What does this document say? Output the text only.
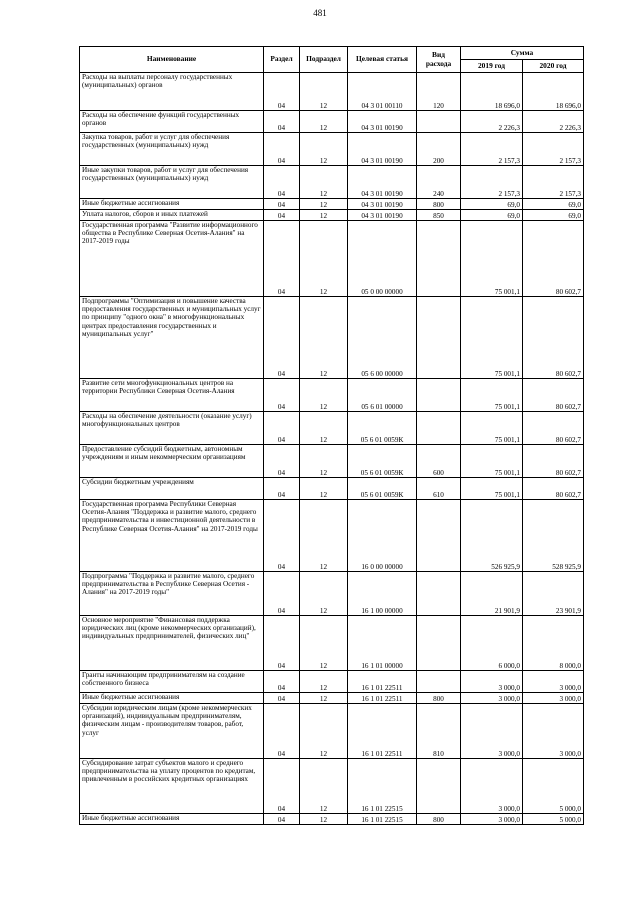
481
Наименование	Раздел	Подраздел	Целевая статья	Вид расхода	Сумма	
					2019 год	2020 год
Расходы на выплаты персоналу государственных (муниципальных) органов	04	12	04 3 01 00110	120	18 696,0	18 696,0
Расходы на обеспечение функций государственных органов	04	12	04 3 01 00190		2 226,3	2 226,3
Закупка товаров, работ и услуг для обеспечения государственных (муниципальных) нужд	04	12	04 3 01 00190	200	2 157,3	2 157,3
Иные закупки товаров, работ и услуг для обеспечения государственных (муниципальных) нужд	04	12	04 3 01 00190	240	2 157,3	2 157,3
Иные бюджетные ассигнования	04	12	04 3 01 00190	800	69,0	69,0
Уплата налогов, сборов и иных платежей	04	12	04 3 01 00190	850	69,0	69,0
Государственная программа "Развитие информационного общества в Республике Северная Осетия-Алания" на 2017-2019 годы	04	12	05 0 00 00000		75 001,1	80 602,7
Подпрограммы "Оптимизация и повышение качества предоставления государственных и муниципальных услуг по принципу "одного окна" в многофункциональных центрах предоставления государственных и муниципальных услуг"	04	12	05 6 00 00000		75 001,1	80 602,7
Развитие сети многофункциональных центров на территории Республики Северная Осетия-Алания	04	12	05 6 01 00000		75 001,1	80 602,7
Расходы на обеспечение деятельности (оказание услуг) многофункциональных центров	04	12	05 6 01 0059К		75 001,1	80 602,7
Предоставление субсидий бюджетным, автономным учреждениям и иным некоммерческим организациям	04	12	05 6 01 0059К	600	75 001,1	80 602,7
Субсидии бюджетным учреждениям	04	12	05 6 01 0059К	610	75 001,1	80 602,7
Государственная программа Республики Северная Осетия-Алания "Поддержка и развитие малого, среднего предпринимательства и инвестиционной деятельности в Республике Северная Осетия-Алания" на 2017-2019 годы	04	12	16 0 00 00000		526 925,9	528 925,9
Подпрограмма "Поддержка и развитие малого, среднего предпринимательства в Республике Северная Осетия - Алания" на 2017-2019 годы"	04	12	16 1 00 00000		21 901,9	23 901,9
Основное мероприятие "Финансовая поддержка юридических лиц (кроме некоммерческих организаций), индивидуальных предпринимателей, физических лиц"	04	12	16 1 01 00000		6 000,0	8 000,0
Гранты начинающим предпринимателям на создание собственного бизнеса	04	12	16 1 01 22511		3 000,0	3 000,0
Иные бюджетные ассигнования	04	12	16 1 01 22511	800	3 000,0	3 000,0
Субсидии юридическим лицам (кроме некоммерческих организаций), индивидуальным предпринимателям, физическим лицам - производителям товаров, работ, услуг	04	12	16 1 01 22511	810	3 000,0	3 000,0
Субсидирование затрат субъектов малого и среднего предпринимательства на уплату процентов по кредитам, привлеченным в российских кредитных организациях	04	12	16 1 01 22515		3 000,0	5 000,0
Иные бюджетные ассигнования	04	12	16 1 01 22515	800	3 000,0	5 000,0
